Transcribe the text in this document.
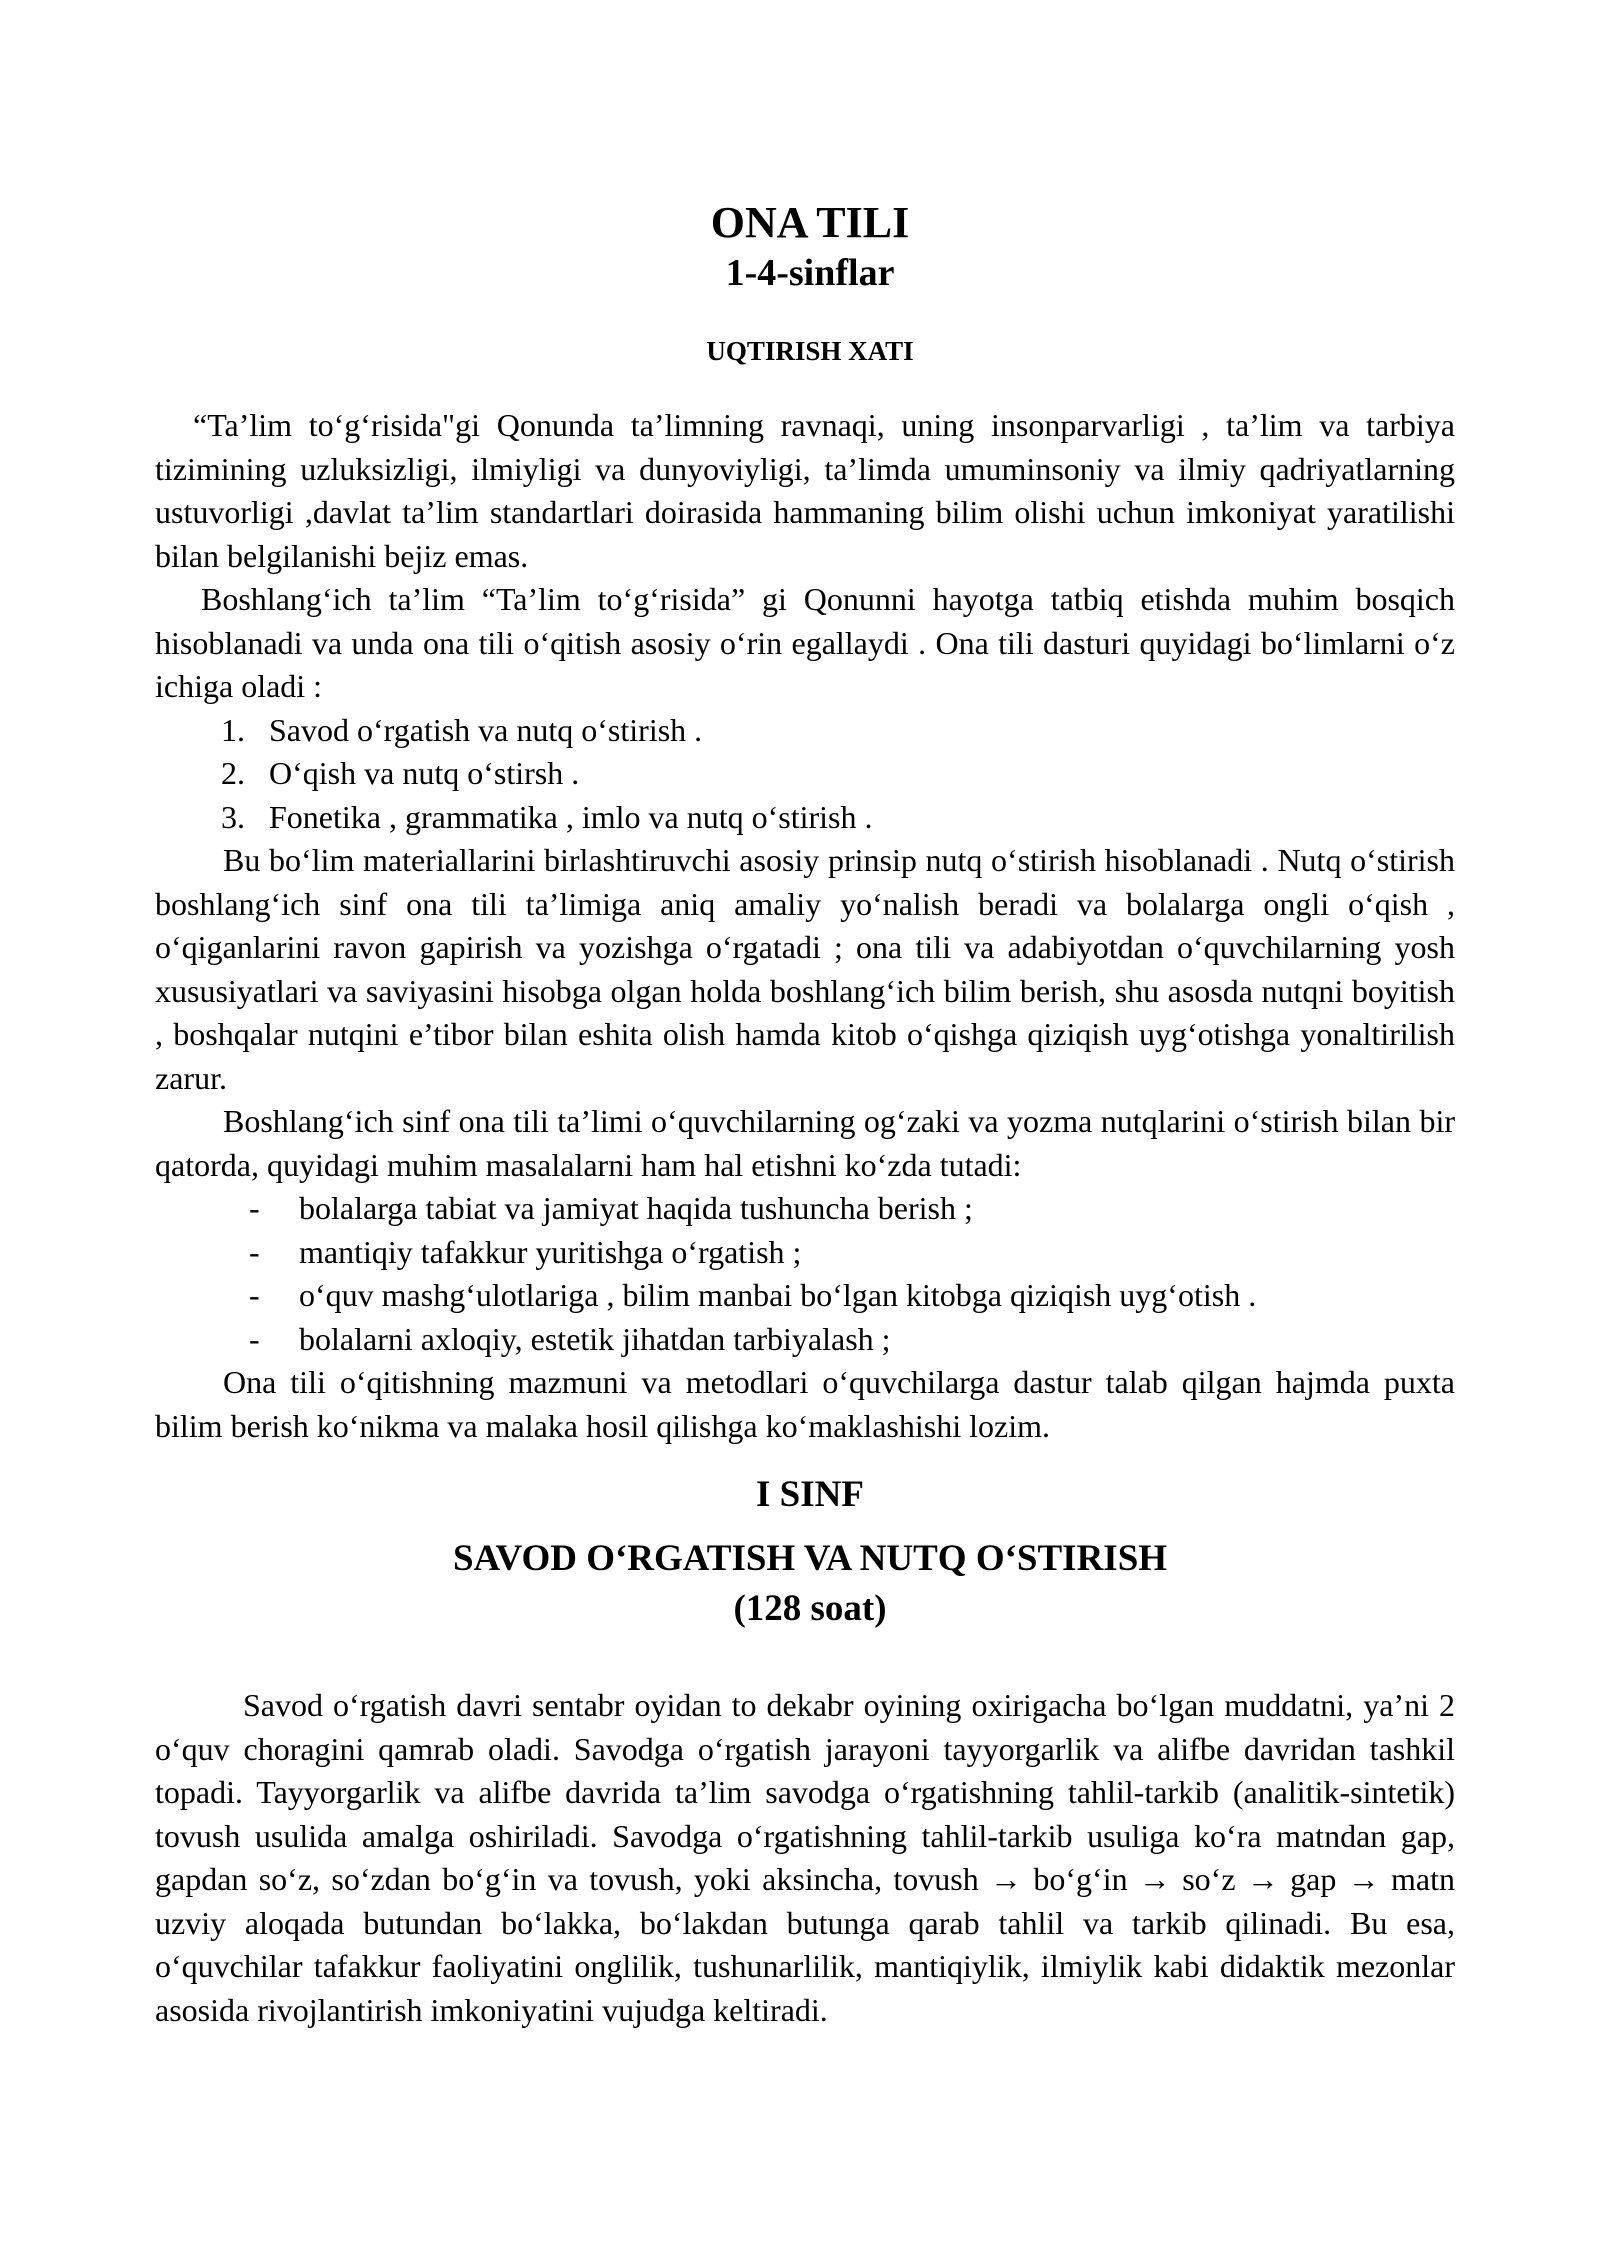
ONA TILI
1-4-sinflar
UQTIRISH XATI

“Ta’lim to‘g‘risida"gi Qonunda ta’limning ravnaqi, uning insonparvarligi , ta’lim va tarbiya tizimining uzluksizligi, ilmiyligi va dunyoviyligi, ta’limda umuminsoniy va ilmiy qadriyatlarning ustuvorligi ,davlat ta’lim standartlari doirasida hammaning bilim olishi uchun imkoniyat yaratilishi bilan belgilanishi bejiz emas.

Boshlang‘ich ta’lim “Ta’lim to‘g‘risida” gi Qonunni hayotga tatbiq etishda muhim bosqich hisoblanadi va unda ona tili o‘qitish asosiy o‘rin egallaydi . Ona tili dasturi quyidagi bo‘limlarni o‘z ichiga oladi :

1. Savod o‘rgatish va nutq o‘stirish .
2. O‘qish va nutq o‘stirsh .
3. Fonetika , grammatika , imlo va nutq o‘stirish .

Bu bo‘lim materiallarini birlashtiruvchi asosiy prinsip nutq o‘stirish hisoblanadi . Nutq o‘stirish boshlang‘ich sinf ona tili ta’limiga aniq amaliy yo‘nalish beradi va bolalarga ongli o‘qish , o‘qiganlarini ravon gapirish va yozishga o‘rgatadi ; ona tili va adabiyotdan o‘quvchilarning yosh xususiyatlari va saviyasini hisobga olgan holda boshlang‘ich bilim berish, shu asosda nutqni boyitish , boshqalar nutqini e’tibor bilan eshita olish hamda kitob o‘qishga qiziqish uyg‘otishga yonaltirilish zarur.

Boshlang‘ich sinf ona tili ta’limi o‘quvchilarning og‘zaki va yozma nutqlarini o‘stirish bilan bir qatorda, quyidagi muhim masalalarni ham hal etishni ko‘zda tutadi:

-	bolalarga tabiat va jamiyat haqida tushuncha berish ;
-	mantiqiy tafakkur yuritishga o‘rgatish ;
-	o‘quv mashg‘ulotlariga , bilim manbai bo‘lgan kitobga qiziqish uyg‘otish .
-	bolalarni axloqiy, estetik jihatdan tarbiyalash ;

Ona tili o‘qitishning mazmuni va metodlari o‘quvchilarga dastur talab qilgan hajmda puxta bilim berish ko‘nikma va malaka hosil qilishga ko‘maklashishi lozim.

I SINF
SAVOD O‘RGATISH VA NUTQ O‘STIRISH
(128 soat)

Savod o‘rgatish davri sentabr oyidan to dekabr oyining oxirigacha bo‘lgan muddatni, ya’ni 2 o‘quv choragini qamrab oladi. Savodga o‘rgatish jarayoni tayyorgarlik va alifbe davridan tashkil topadi. Tayyorgarlik va alifbe davrida ta’lim savodga o‘rgatishning tahlil-tarkib (analitik-sintetik) tovush usulida amalga oshiriladi. Savodga o‘rgatishning tahlil-tarkib usuliga ko‘ra matndan gap, gapdan so‘z, so‘zdan bo‘g‘in va tovush, yoki aksincha, tovush → bo‘g‘in → so‘z → gap → matn uzviy aloqada butundan bo‘lakka, bo‘lakdan butunga qarab tahlil va tarkib qilinadi. Bu esa, o‘quvchilar tafakkur faoliyatini onglilik, tushunarlilik, mantiqiylik, ilmiylik kabi didaktik mezonlar asosida rivojlantirish imkoniyatini vujudga keltiradi.
